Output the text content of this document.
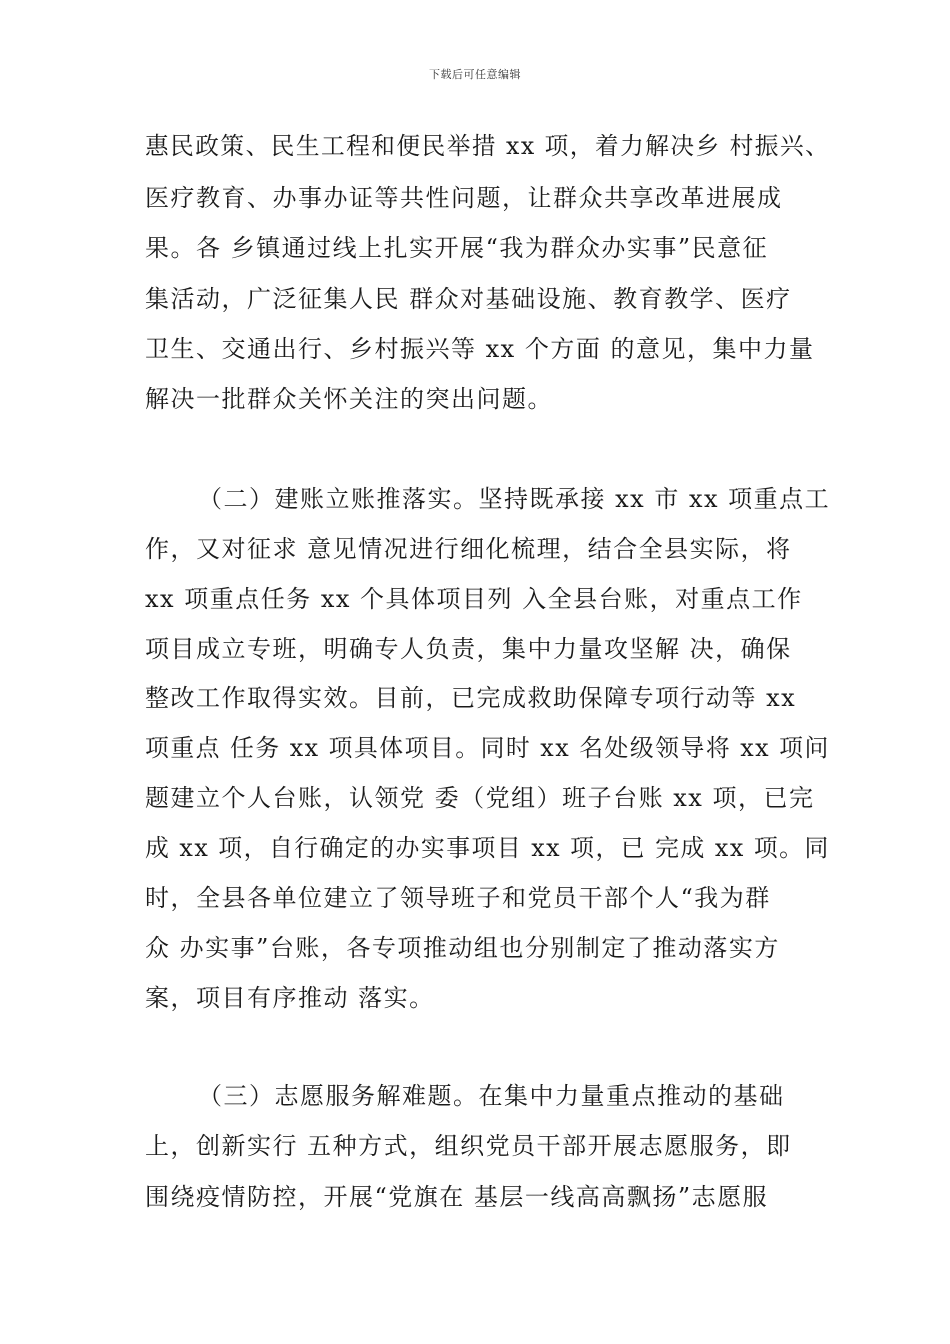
下载后可任意编辑
惠民政策、民生工程和便民举措 xx 项，着力解决乡 村振兴、
医疗教育、办事办证等共性问题，让群众共享改革进展成
果。各 乡镇通过线上扎实开展“我为群众办实事”民意征
集活动，广泛征集人民 群众对基础设施、教育教学、医疗
卫生、交通出行、乡村振兴等 xx 个方面 的意见，集中力量
解决一批群众关怀关注的突出问题。
（二）建账立账推落实。坚持既承接 xx 市 xx 项重点工
作，又对征求 意见情况进行细化梳理，结合全县实际，将
xx 项重点任务 xx 个具体项目列 入全县台账，对重点工作
项目成立专班，明确专人负责，集中力量攻坚解 决，确保
整改工作取得实效。目前，已完成救助保障专项行动等 xx
项重点 任务 xx 项具体项目。同时 xx 名处级领导将 xx 项问
题建立个人台账，认领党 委（党组）班子台账 xx 项，已完
成 xx 项，自行确定的办实事项目 xx 项，已 完成 xx 项。同
时，全县各单位建立了领导班子和党员干部个人“我为群
众 办实事”台账，各专项推动组也分别制定了推动落实方
案，项目有序推动 落实。
（三）志愿服务解难题。在集中力量重点推动的基础
上，创新实行 五种方式，组织党员干部开展志愿服务，即
围绕疫情防控，开展“党旗在 基层一线高高飘扬”志愿服
